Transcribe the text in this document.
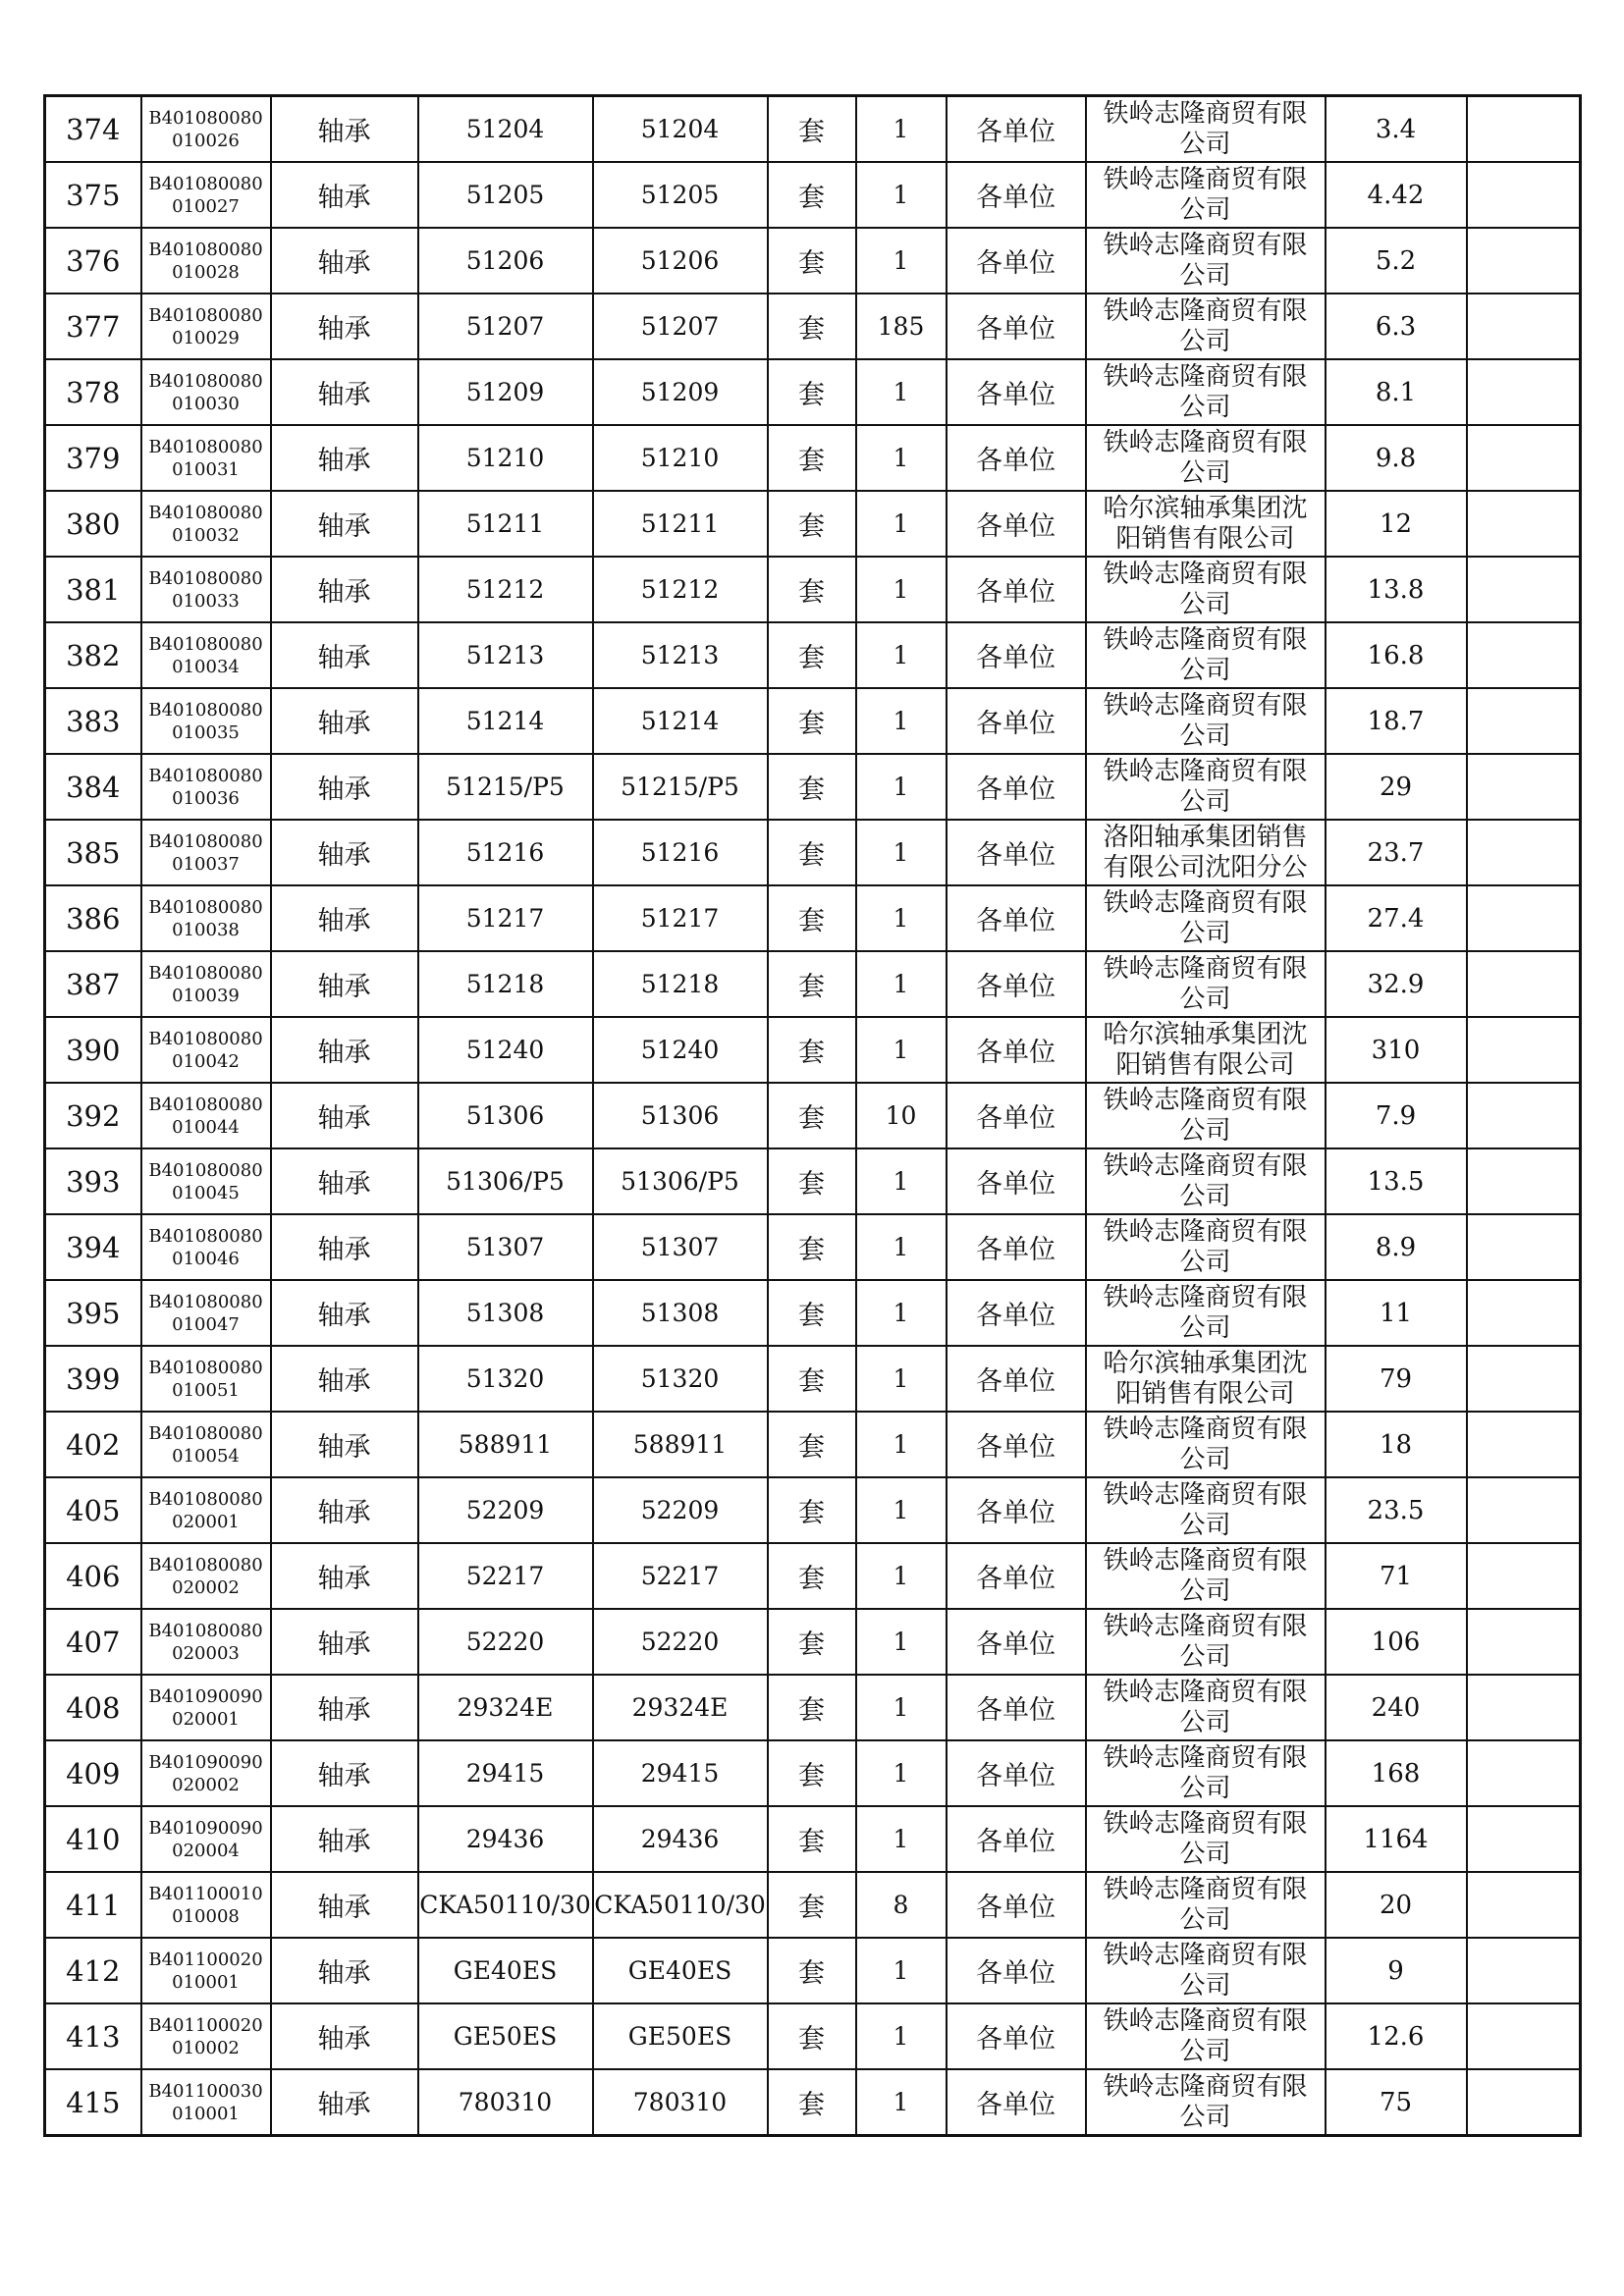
374	B401080080010026	轴承	51204	51204	套	1	各单位	铁岭志隆商贸有限公司	3.4	
375	B401080080010027	轴承	51205	51205	套	1	各单位	铁岭志隆商贸有限公司	4.42	
376	B401080080010028	轴承	51206	51206	套	1	各单位	铁岭志隆商贸有限公司	5.2	
377	B401080080010029	轴承	51207	51207	套	185	各单位	铁岭志隆商贸有限公司	6.3	
378	B401080080010030	轴承	51209	51209	套	1	各单位	铁岭志隆商贸有限公司	8.1	
379	B401080080010031	轴承	51210	51210	套	1	各单位	铁岭志隆商贸有限公司	9.8	
380	B401080080010032	轴承	51211	51211	套	1	各单位	哈尔滨轴承集团沈阳销售有限公司	12	
381	B401080080010033	轴承	51212	51212	套	1	各单位	铁岭志隆商贸有限公司	13.8	
382	B401080080010034	轴承	51213	51213	套	1	各单位	铁岭志隆商贸有限公司	16.8	
383	B401080080010035	轴承	51214	51214	套	1	各单位	铁岭志隆商贸有限公司	18.7	
384	B401080080010036	轴承	51215/P5	51215/P5	套	1	各单位	铁岭志隆商贸有限公司	29	
385	B401080080010037	轴承	51216	51216	套	1	各单位	洛阳轴承集团销售有限公司沈阳分公	23.7	
386	B401080080010038	轴承	51217	51217	套	1	各单位	铁岭志隆商贸有限公司	27.4	
387	B401080080010039	轴承	51218	51218	套	1	各单位	铁岭志隆商贸有限公司	32.9	
390	B401080080010042	轴承	51240	51240	套	1	各单位	哈尔滨轴承集团沈阳销售有限公司	310	
392	B401080080010044	轴承	51306	51306	套	10	各单位	铁岭志隆商贸有限公司	7.9	
393	B401080080010045	轴承	51306/P5	51306/P5	套	1	各单位	铁岭志隆商贸有限公司	13.5	
394	B401080080010046	轴承	51307	51307	套	1	各单位	铁岭志隆商贸有限公司	8.9	
395	B401080080010047	轴承	51308	51308	套	1	各单位	铁岭志隆商贸有限公司	11	
399	B401080080010051	轴承	51320	51320	套	1	各单位	哈尔滨轴承集团沈阳销售有限公司	79	
402	B401080080010054	轴承	588911	588911	套	1	各单位	铁岭志隆商贸有限公司	18	
405	B401080080020001	轴承	52209	52209	套	1	各单位	铁岭志隆商贸有限公司	23.5	
406	B401080080020002	轴承	52217	52217	套	1	各单位	铁岭志隆商贸有限公司	71	
407	B401080080020003	轴承	52220	52220	套	1	各单位	铁岭志隆商贸有限公司	106	
408	B401090090020001	轴承	29324E	29324E	套	1	各单位	铁岭志隆商贸有限公司	240	
409	B401090090020002	轴承	29415	29415	套	1	各单位	铁岭志隆商贸有限公司	168	
410	B401090090020004	轴承	29436	29436	套	1	各单位	铁岭志隆商贸有限公司	1164	
411	B401100010010008	轴承	CKA50110/30	CKA50110/30	套	8	各单位	铁岭志隆商贸有限公司	20	
412	B401100020010001	轴承	GE40ES	GE40ES	套	1	各单位	铁岭志隆商贸有限公司	9	
413	B401100020010002	轴承	GE50ES	GE50ES	套	1	各单位	铁岭志隆商贸有限公司	12.6	
415	B401100030010001	轴承	780310	780310	套	1	各单位	铁岭志隆商贸有限公司	75	
